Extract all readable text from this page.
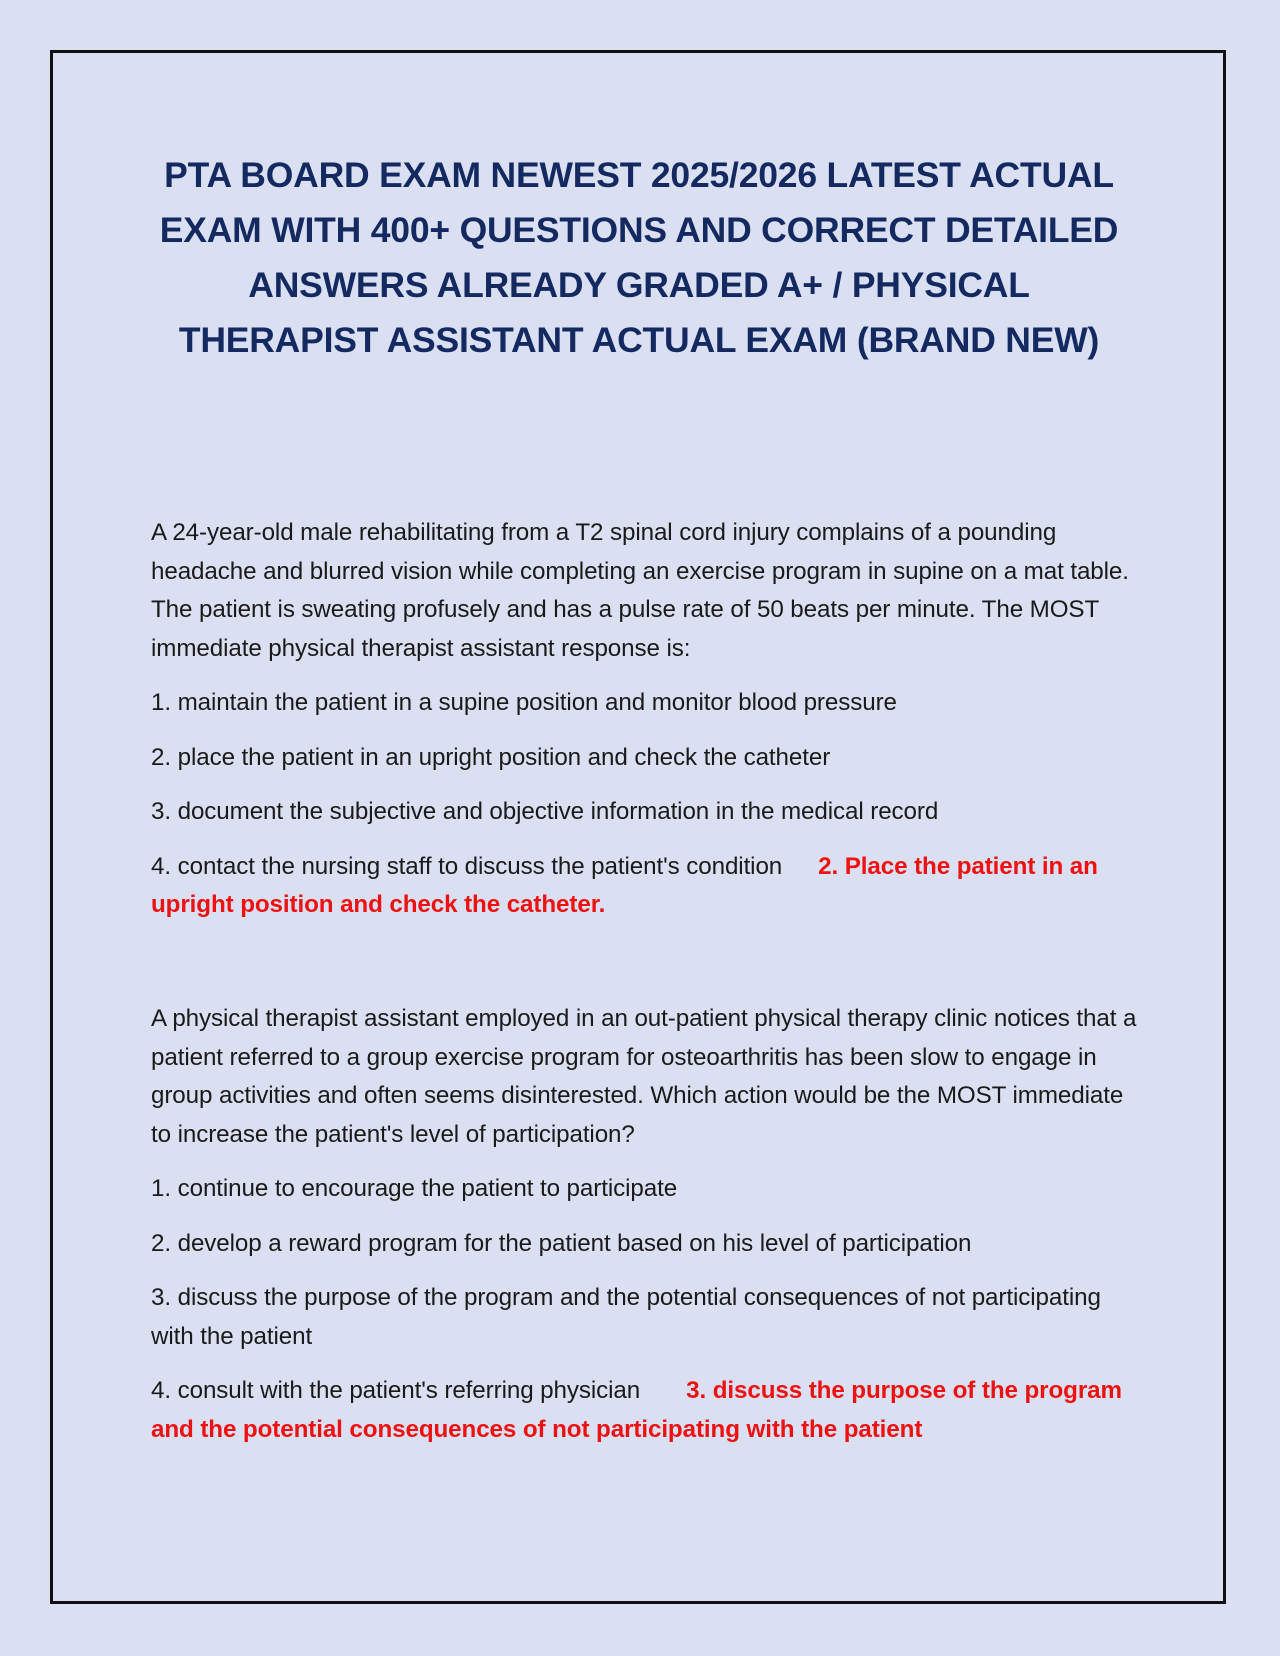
PTA BOARD EXAM NEWEST 2025/2026 LATEST ACTUAL EXAM WITH 400+ QUESTIONS AND CORRECT DETAILED ANSWERS ALREADY GRADED A+ / PHYSICAL THERAPIST ASSISTANT ACTUAL EXAM (BRAND NEW)

A 24-year-old male rehabilitating from a T2 spinal cord injury complains of a pounding headache and blurred vision while completing an exercise program in supine on a mat table. The patient is sweating profusely and has a pulse rate of 50 beats per minute. The MOST immediate physical therapist assistant response is:

1. maintain the patient in a supine position and monitor blood pressure

2. place the patient in an upright position and check the catheter

3. document the subjective and objective information in the medical record

4. contact the nursing staff to discuss the patient's condition 2. Place the patient in an upright position and check the catheter.

A physical therapist assistant employed in an out-patient physical therapy clinic notices that a patient referred to a group exercise program for osteoarthritis has been slow to engage in group activities and often seems disinterested. Which action would be the MOST immediate to increase the patient's level of participation?

1. continue to encourage the patient to participate

2. develop a reward program for the patient based on his level of participation

3. discuss the purpose of the program and the potential consequences of not participating with the patient

4. consult with the patient's referring physician 3. discuss the purpose of the program and the potential consequences of not participating with the patient
